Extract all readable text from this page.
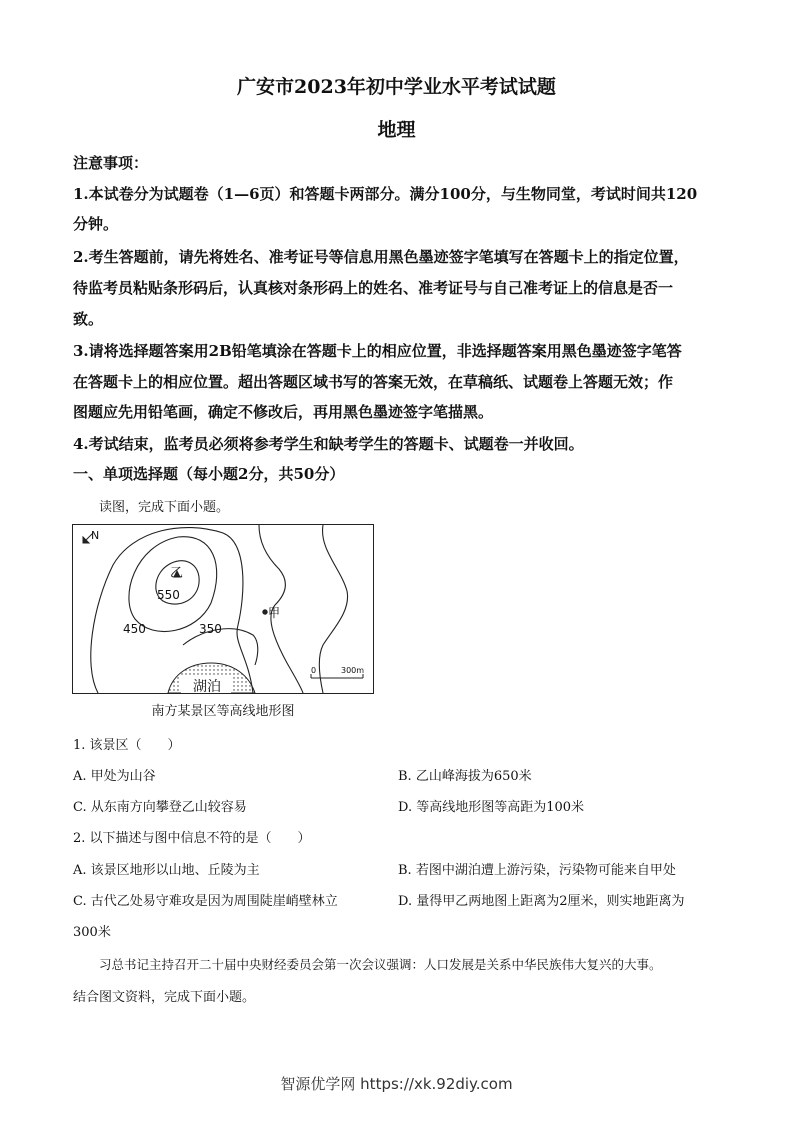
广安市2023年初中学业水平考试试题
地理
注意事项：
1.本试卷分为试题卷（1—6页）和答题卡两部分。满分100分，与生物同堂，考试时间共120
分钟。
2.考生答题前，请先将姓名、准考证号等信息用黑色墨迹签字笔填写在答题卡上的指定位置，
待监考员粘贴条形码后，认真核对条形码上的姓名、准考证号与自己准考证上的信息是否一
致。
3.请将选择题答案用2B铅笔填涂在答题卡上的相应位置，非选择题答案用黑色墨迹签字笔答
在答题卡上的相应位置。超出答题区域书写的答案无效，在草稿纸、试题卷上答题无效；作
图题应先用铅笔画，确定不修改后，再用黑色墨迹签字笔描黑。
4.考试结束，监考员必须将参考学生和缺考学生的答题卡、试题卷一并收回。
一、单项选择题（每小题2分，共50分）
读图，完成下面小题。
N
乙
甲
550
450	350
湖泊
0	300m
南方某景区等高线地形图
1. 该景区（　　）
A. 甲处为山谷	B. 乙山峰海拔为650米
C. 从东南方向攀登乙山较容易	D. 等高线地形图等高距为100米
2. 以下描述与图中信息不符的是（　　）
A. 该景区地形以山地、丘陵为主	B. 若图中湖泊遭上游污染，污染物可能来自甲处
C. 古代乙处易守难攻是因为周围陡崖峭壁林立	D. 量得甲乙两地图上距离为2厘米，则实地距离为
300米
习总书记主持召开二十届中央财经委员会第一次会议强调：人口发展是关系中华民族伟大复兴的大事。
结合图文资料，完成下面小题。
智源优学网 https://xk.92diy.com
